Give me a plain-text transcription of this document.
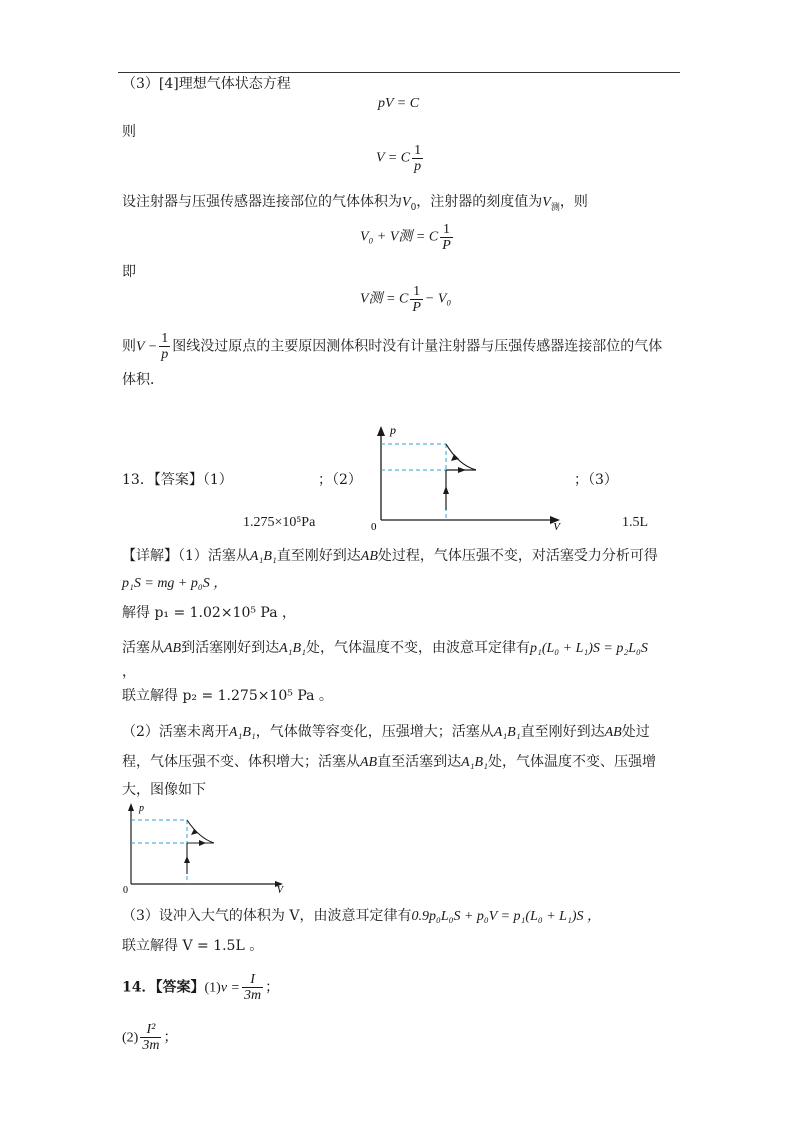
（3）[4]理想气体状态方程
pV = C
则
V = C $\frac{1}{p}$
设注射器与压强传感器连接部位的气体体积为$V_0$，注射器的刻度值为$V_测$，则
V₀ + V测 = C $\frac{1}{P}$
即
V测 = C $\frac{1}{P} - V_0$
则$V - \frac{1}{p}$ 图线没过原点的主要原因测体积时没有计量注射器与压强传感器连接部位的气体
体积．
13．【答案】（1）	；（2）	；（3）
1.275×10⁵Pa	1.5L
p
V
0
【详解】（1）活塞从A₁B₁直至刚好到达AB处过程，气体压强不变，对活塞受力分析可得
p₁S = mg + p₀S ，
解得 p₁ = 1.02×10⁵ Pa ，
活塞从AB到活塞刚好到达A₁B₁处，气体温度不变，由波意耳定律有p₁(L₀ + L₁)S = p₂L₀S
，
联立解得 p₂ = 1.275×10⁵ Pa 。
（2）活塞未离开A₁B₁，气体做等容变化，压强增大；活塞从A₁B₁直至刚好到达AB处过
程，气体压强不变、体积增大；活塞从AB直至活塞到达A₁B₁处，气体温度不变、压强增
大，图像如下
p
V
0
（3）设冲入大气的体积为 V，由波意耳定律有0.9p₀L₀S + p₀V = p₁(L₀ + L₁)S ，
联立解得 V = 1.5L 。
14．【答案】$(1)v = \frac{I}{3m}$ ；
$(2) \frac{\text{I²}}{3m}$ ；
